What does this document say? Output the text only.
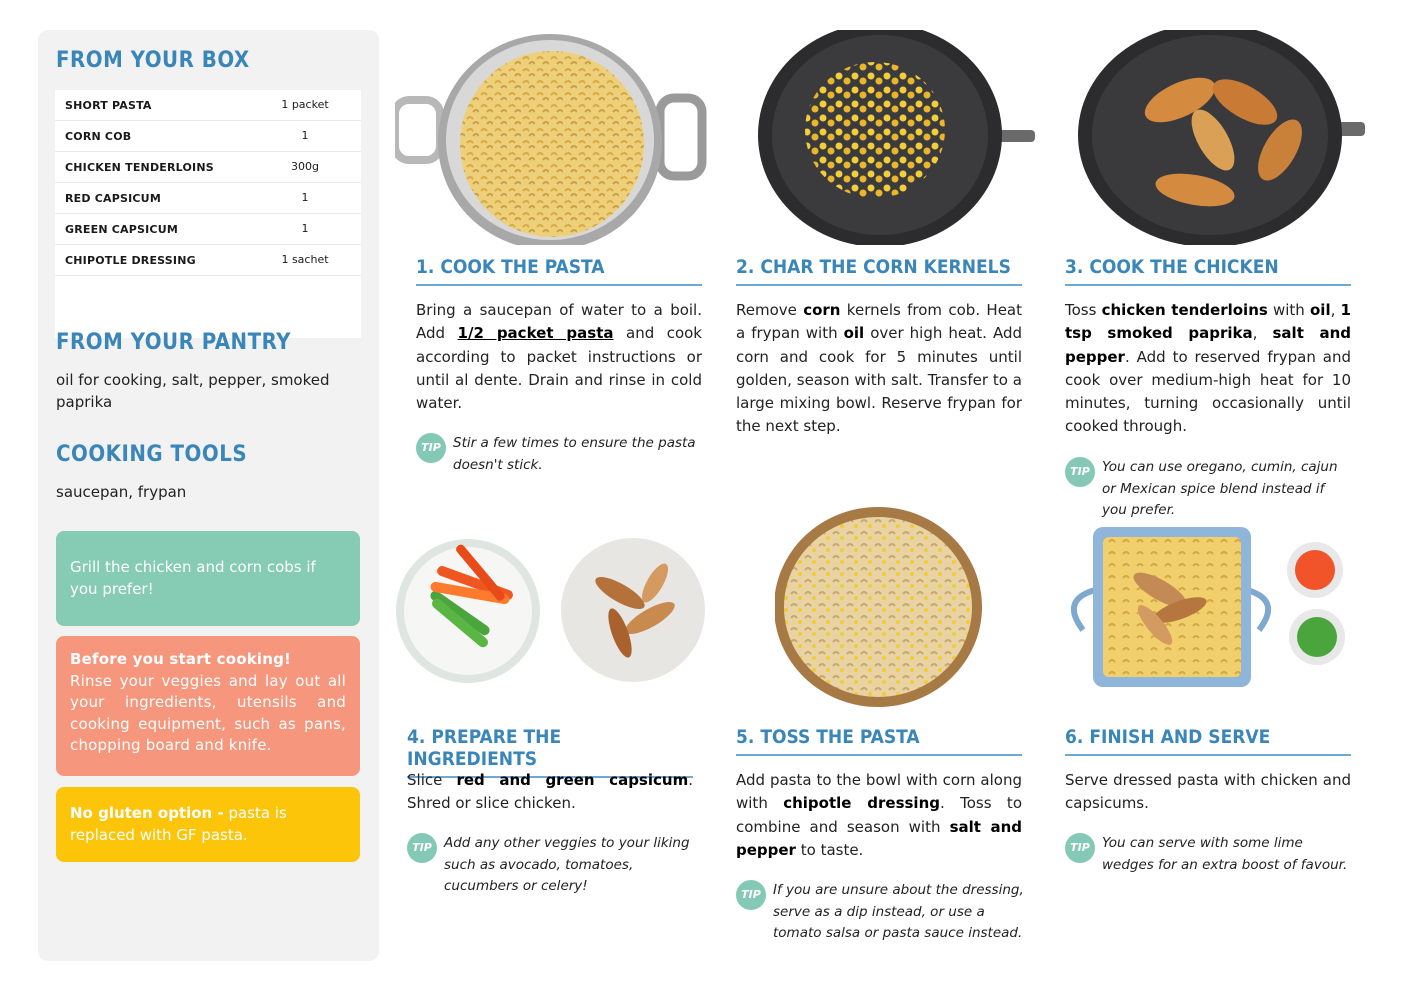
FROM YOUR BOX
SHORT PASTA	1 packet
CORN COB	1
CHICKEN TENDERLOINS	300g
RED CAPSICUM	1
GREEN CAPSICUM	1
CHIPOTLE DRESSING	1 sachet
FROM YOUR PANTRY
oil for cooking, salt, pepper, smoked paprika
COOKING TOOLS
saucepan, frypan
Grill the chicken and corn cobs if you prefer!
Before you start cooking!

Rinse your veggies and lay out all your ingredients, utensils and cooking equipment, such as pans, chopping board and knife.
No gluten option - pasta is replaced with GF pasta.
1. COOK THE PASTA
Bring a saucepan of water to a boil. Add 1/2 packet pasta and cook according to packet instructions or until al dente. Drain and rinse in cold water.
TIP Stir a few times to ensure the pasta doesn't stick.
2. CHAR THE CORN KERNELS
Remove corn kernels from cob. Heat a frypan with oil over high heat. Add corn and cook for 5 minutes until golden, season with salt. Transfer to a large mixing bowl. Reserve frypan for the next step.
3. COOK THE CHICKEN
Toss chicken tenderloins with oil, 1 tsp smoked paprika, salt and pepper. Add to reserved frypan and cook over medium-high heat for 10 minutes, turning occasionally until cooked through.
TIP You can use oregano, cumin, cajun or Mexican spice blend instead if you prefer.
4. PREPARE THE INGREDIENTS
Slice red and green capsicum. Shred or slice chicken.
TIP Add any other veggies to your liking such as avocado, tomatoes, cucumbers or celery!
5. TOSS THE PASTA
Add pasta to the bowl with corn along with chipotle dressing. Toss to combine and season with salt and pepper to taste.
TIP If you are unsure about the dressing, serve as a dip instead, or use a tomato salsa or pasta sauce instead.
6. FINISH AND SERVE
Serve dressed pasta with chicken and capsicums.
TIP You can serve with some lime wedges for an extra boost of favour.
